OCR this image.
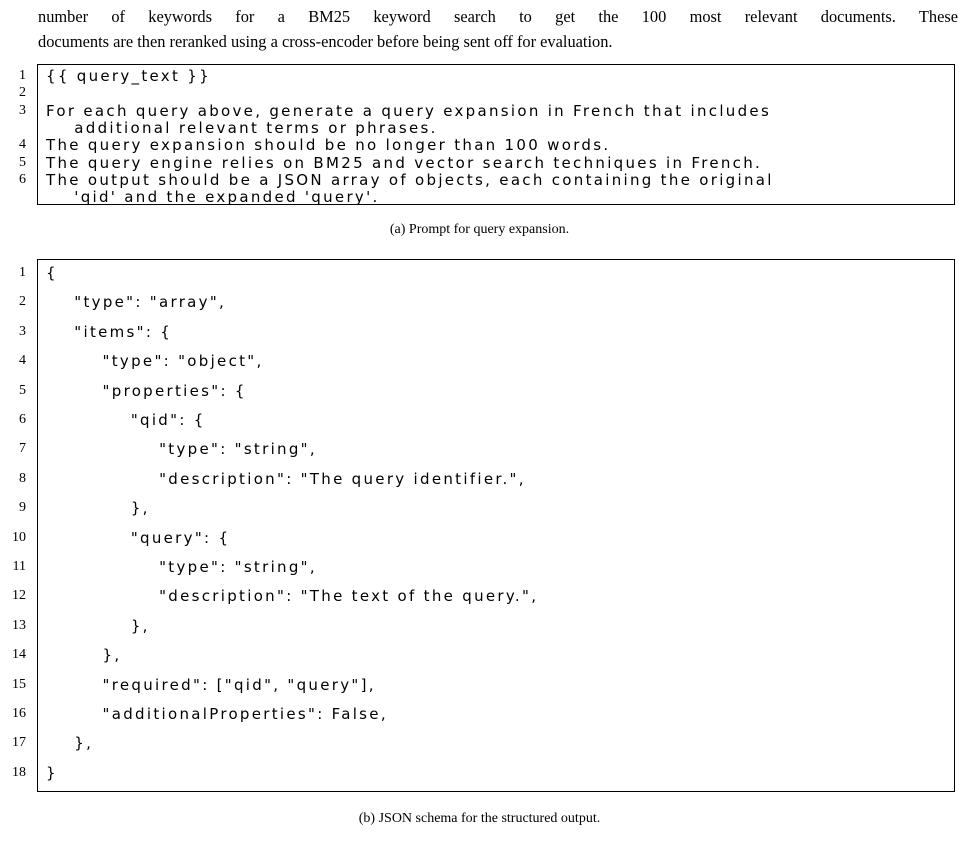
number of keywords for a BM25 keyword search to get the 100 most relevant documents. These
documents are then reranked using a cross-encoder before being sent off for evaluation.
(a) Prompt for query expansion.
(b) JSON schema for the structured output.
1 {{ query_text }}
2
3 For each query above, generate a query expansion in French that includes
additional relevant terms or phrases.
4 The query expansion should be no longer than 100 words.
5 The query engine relies on BM25 and vector search techniques in French.
6 The output should be a JSON array of objects, each containing the original
'qid' and the expanded 'query'.
1 {
2 "type": "array",
3 "items": {
4 "type": "object",
5 "properties": {
6 "qid": {
7 "type": "string",
8 "description": "The query identifier.",
9 },
10 "query": {
11 "type": "string",
12 "description": "The text of the query.",
13 },
14 },
15 "required": ["qid", "query"],
16 "additionalProperties": False,
17 },
18 }
